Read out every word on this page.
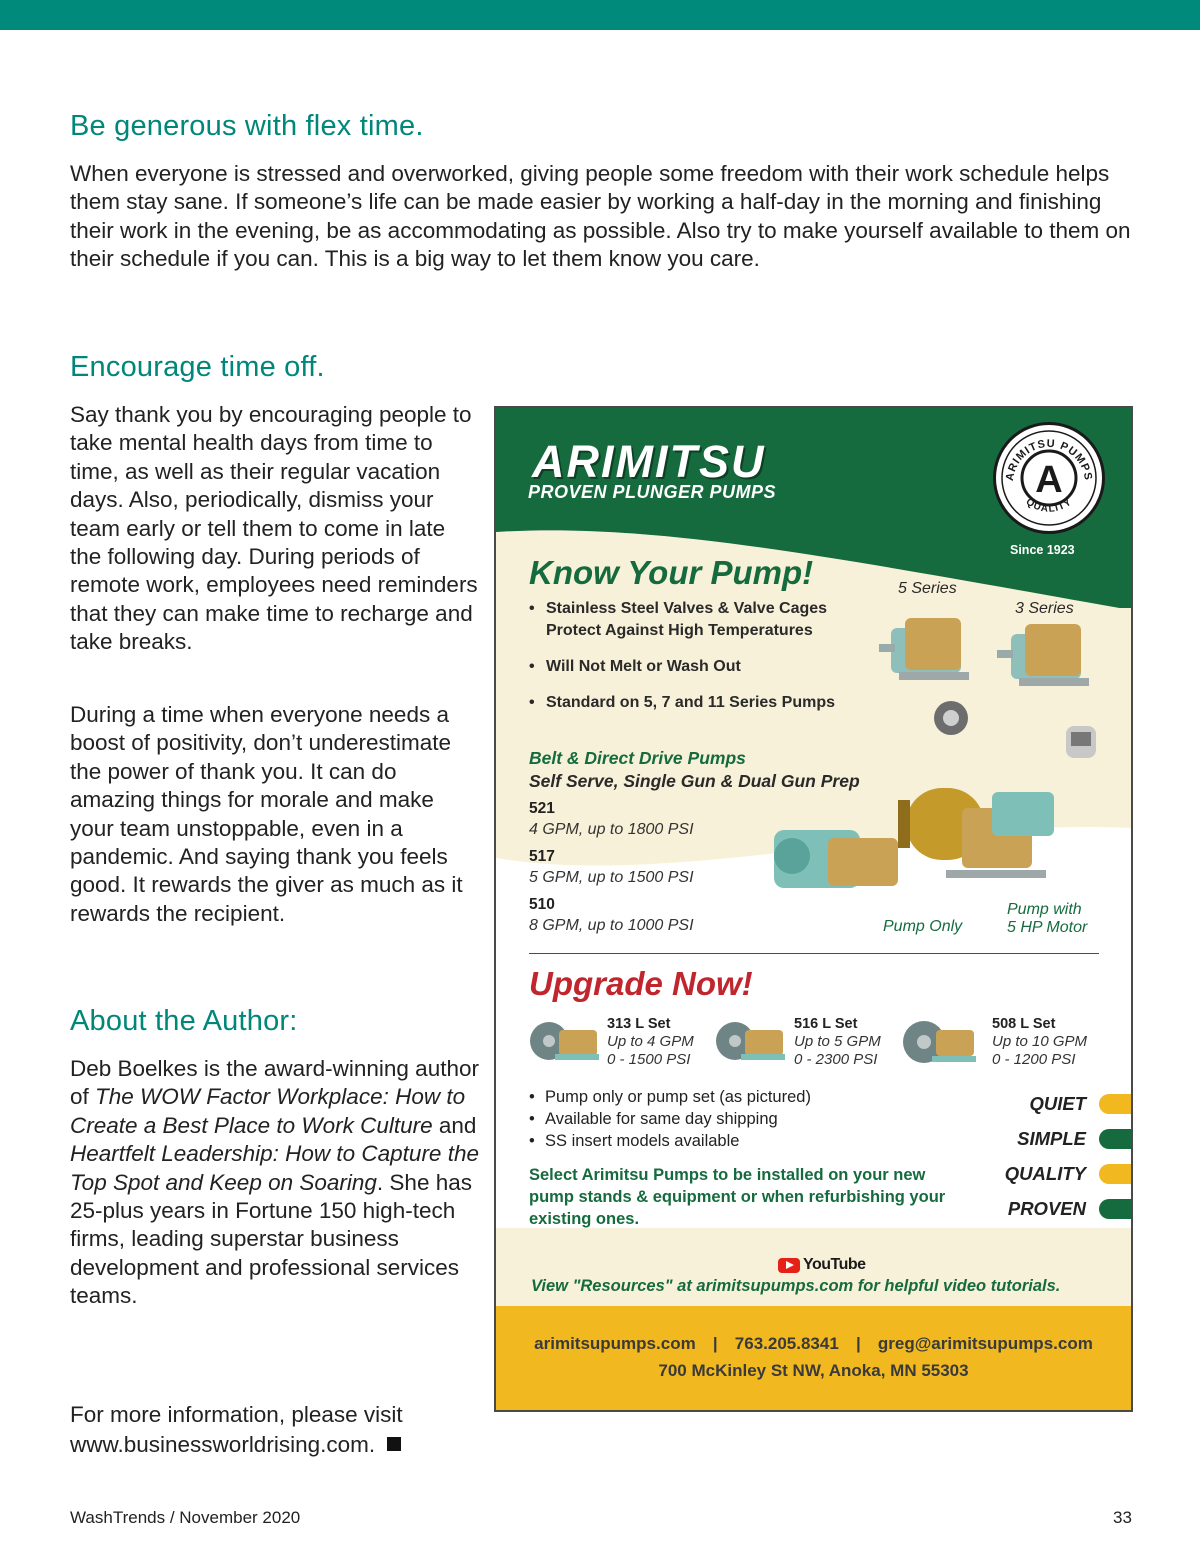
Be generous with flex time.

When everyone is stressed and overworked, giving people some freedom with their work schedule helps them stay sane. If someone’s life can be made easier by working a half-day in the morning and finishing their work in the evening, be as accommodating as possible. Also try to make yourself available to them on their schedule if you can. This is a big way to let them know you care.

Encourage time off.

Say thank you by encouraging people to take mental health days from time to time, as well as their regular vacation days. Also, periodically, dismiss your team early or tell them to come in late the following day. During periods of remote work, employees need reminders that they can make time to recharge and take breaks.

During a time when everyone needs a boost of positivity, don’t underestimate the power of thank you. It can do amazing things for morale and make your team unstoppable, even in a pandemic. And saying thank you feels good. It rewards the giver as much as it rewards the recipient.

About the Author:

Deb Boelkes is the award-winning author of The WOW Factor Workplace: How to Create a Best Place to Work Culture and Heartfelt Leadership: How to Capture the Top Spot and Keep on Soaring. She has 25-plus years in Fortune 150 high-tech firms, leading superstar business development and professional services teams.

For more information, please visit www.businessworldrising.com.

ARIMITSU
PROVEN PLUNGER PUMPS	A
ARIMITSU PUMPS
QUALITY
Since 1923
Know Your Pump!
• Stainless Steel Valves & Valve Cages Protect Against High Temperatures
• Will Not Melt or Wash Out
• Standard on 5, 7 and 11 Series Pumps
5 Series
3 Series
Belt & Direct Drive Pumps
Self Serve, Single Gun & Dual Gun Prep
521
4 GPM, up to 1800 PSI
517
5 GPM, up to 1500 PSI
510
8 GPM, up to 1000 PSI	Pump Only
Pump with
5 HP Motor
Upgrade Now!
313 L Set
Up to 4 GPM
0 - 1500 PSI
516 L Set
Up to 5 GPM
0 - 2300 PSI
508 L Set
Up to 10 GPM
0 - 1200 PSI
• Pump only or pump set (as pictured)
• Available for same day shipping
• SS insert models available
Select Arimitsu Pumps to be installed on your new pump stands & equipment or when refurbishing your existing ones.
QUIET
SIMPLE
QUALITY
PROVEN
YouTube
View "Resources" at arimitsupumps.com for helpful video tutorials.
arimitsupumps.com   |   763.205.8341   |   greg@arimitsupumps.com
700 McKinley St NW, Anoka, MN 55303
WashTrends / November 2020	33
